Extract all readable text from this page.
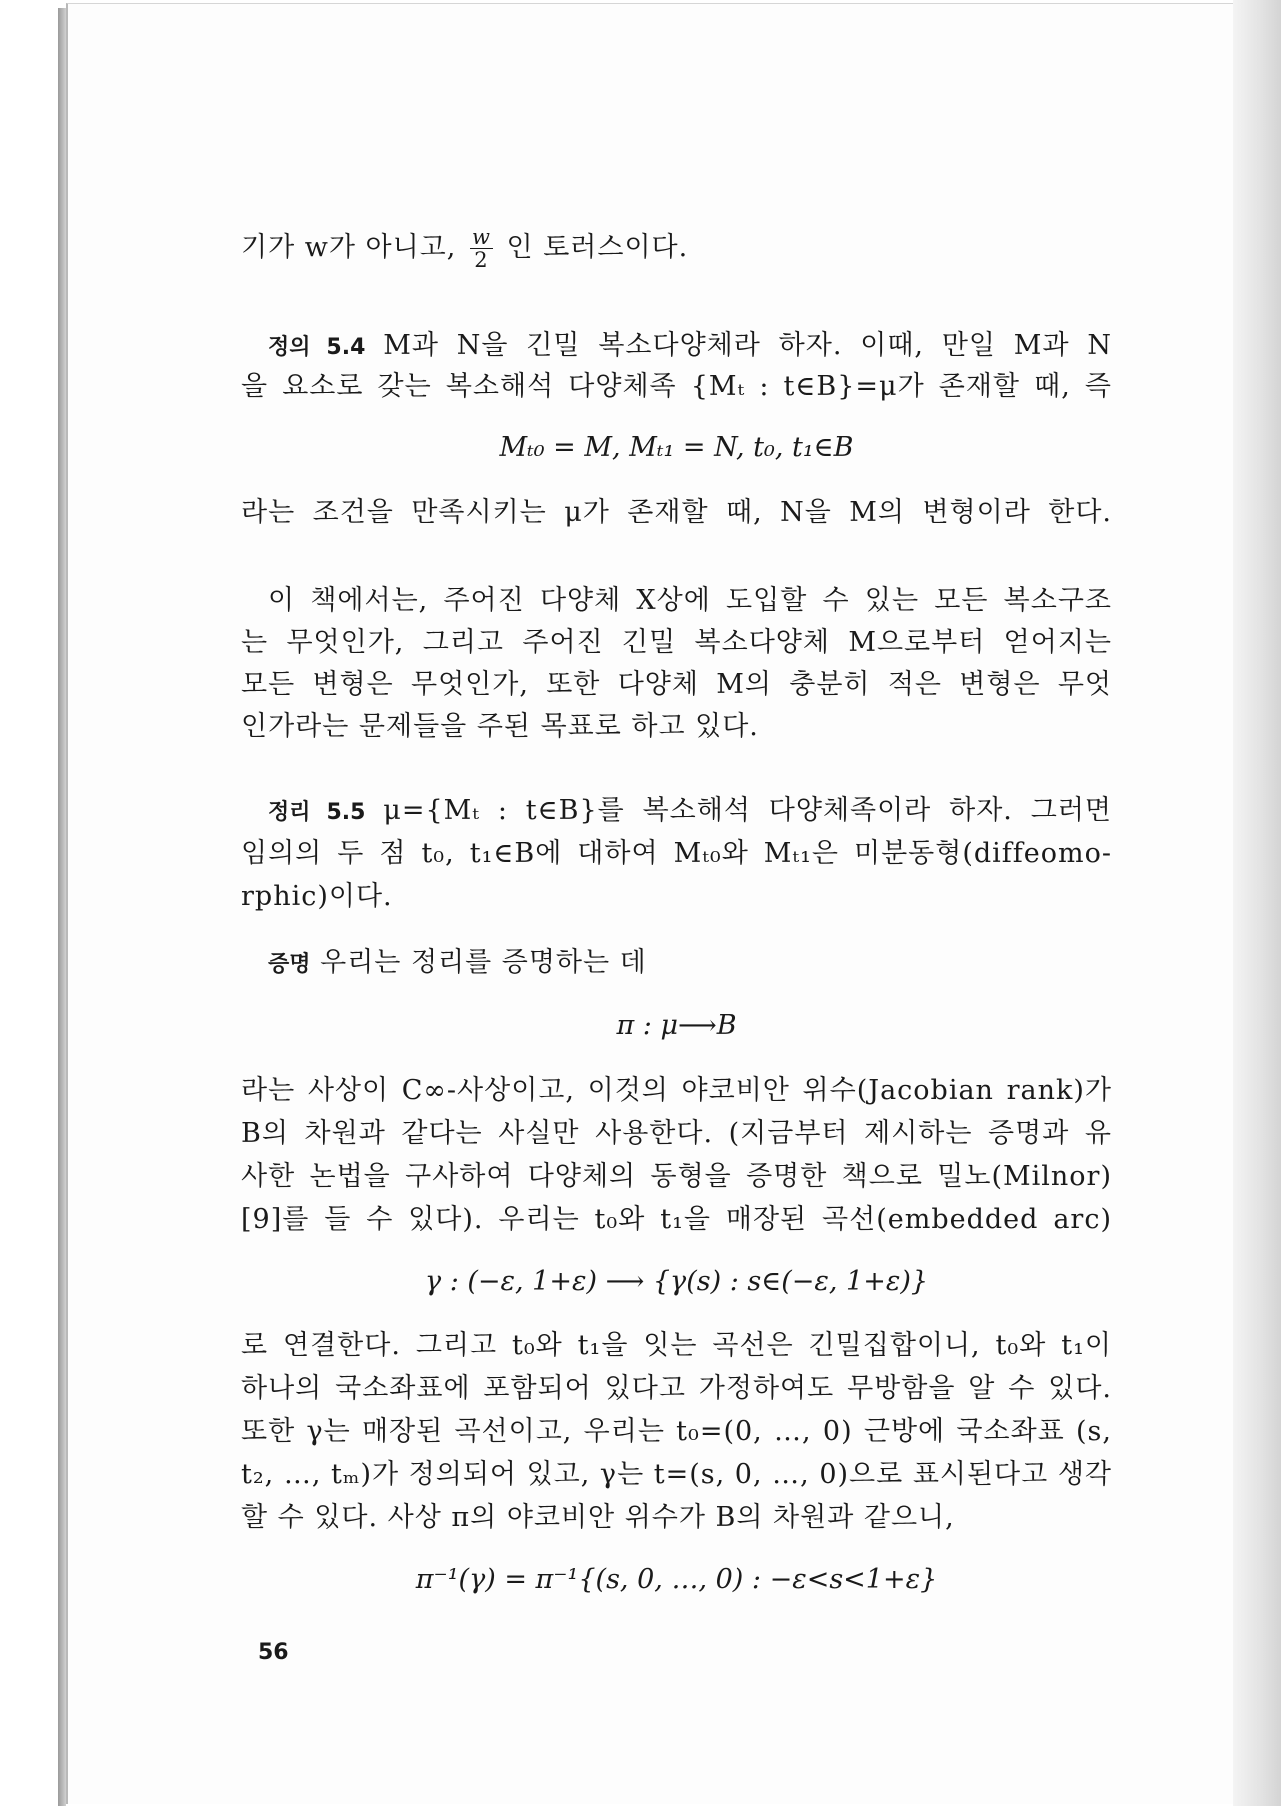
기가 w가 아니고, $\frac{w}{2}$ 인 토러스이다.
정의 5.4 M과 N을 긴밀 복소다양체라 하자. 이때, 만일 M과 N
을 요소로 갖는 복소해석 다양체족 {Mₜ : t∈B}=μ가 존재할 때, 즉
Mₜ₀ = M, Mₜ₁ = N, t₀, t₁∈B
라는 조건을 만족시키는 μ가 존재할 때, N을 M의 변형이라 한다.
이 책에서는, 주어진 다양체 X상에 도입할 수 있는 모든 복소구조
는 무엇인가, 그리고 주어진 긴밀 복소다양체 M으로부터 얻어지는
모든 변형은 무엇인가, 또한 다양체 M의 충분히 적은 변형은 무엇
인가라는 문제들을 주된 목표로 하고 있다.
정리 5.5 μ={Mₜ : t∈B}를 복소해석 다양체족이라 하자. 그러면
임의의 두 점 t₀, t₁∈B에 대하여 Mₜ₀와 Mₜ₁은 미분동형(diffeomo-
rphic)이다.
증명 우리는 정리를 증명하는 데
π : μ⟶B
라는 사상이 C∞-사상이고, 이것의 야코비안 위수(Jacobian rank)가
B의 차원과 같다는 사실만 사용한다. (지금부터 제시하는 증명과 유
사한 논법을 구사하여 다양체의 동형을 증명한 책으로 밀노(Milnor)
[9]를 들 수 있다). 우리는 t₀와 t₁을 매장된 곡선(embedded arc)
γ : (−ε, 1+ε) ⟶ {γ(s) : s∈(−ε, 1+ε)}
로 연결한다. 그리고 t₀와 t₁을 잇는 곡선은 긴밀집합이니, t₀와 t₁이
하나의 국소좌표에 포함되어 있다고 가정하여도 무방함을 알 수 있다.
또한 γ는 매장된 곡선이고, 우리는 t₀=(0, …, 0) 근방에 국소좌표 (s,
t₂, …, tₘ)가 정의되어 있고, γ는 t=(s, 0, …, 0)으로 표시된다고 생각
할 수 있다. 사상 π의 야코비안 위수가 B의 차원과 같으니,
π⁻¹(γ) = π⁻¹{(s, 0, …, 0) : −ε<s<1+ε}
56
